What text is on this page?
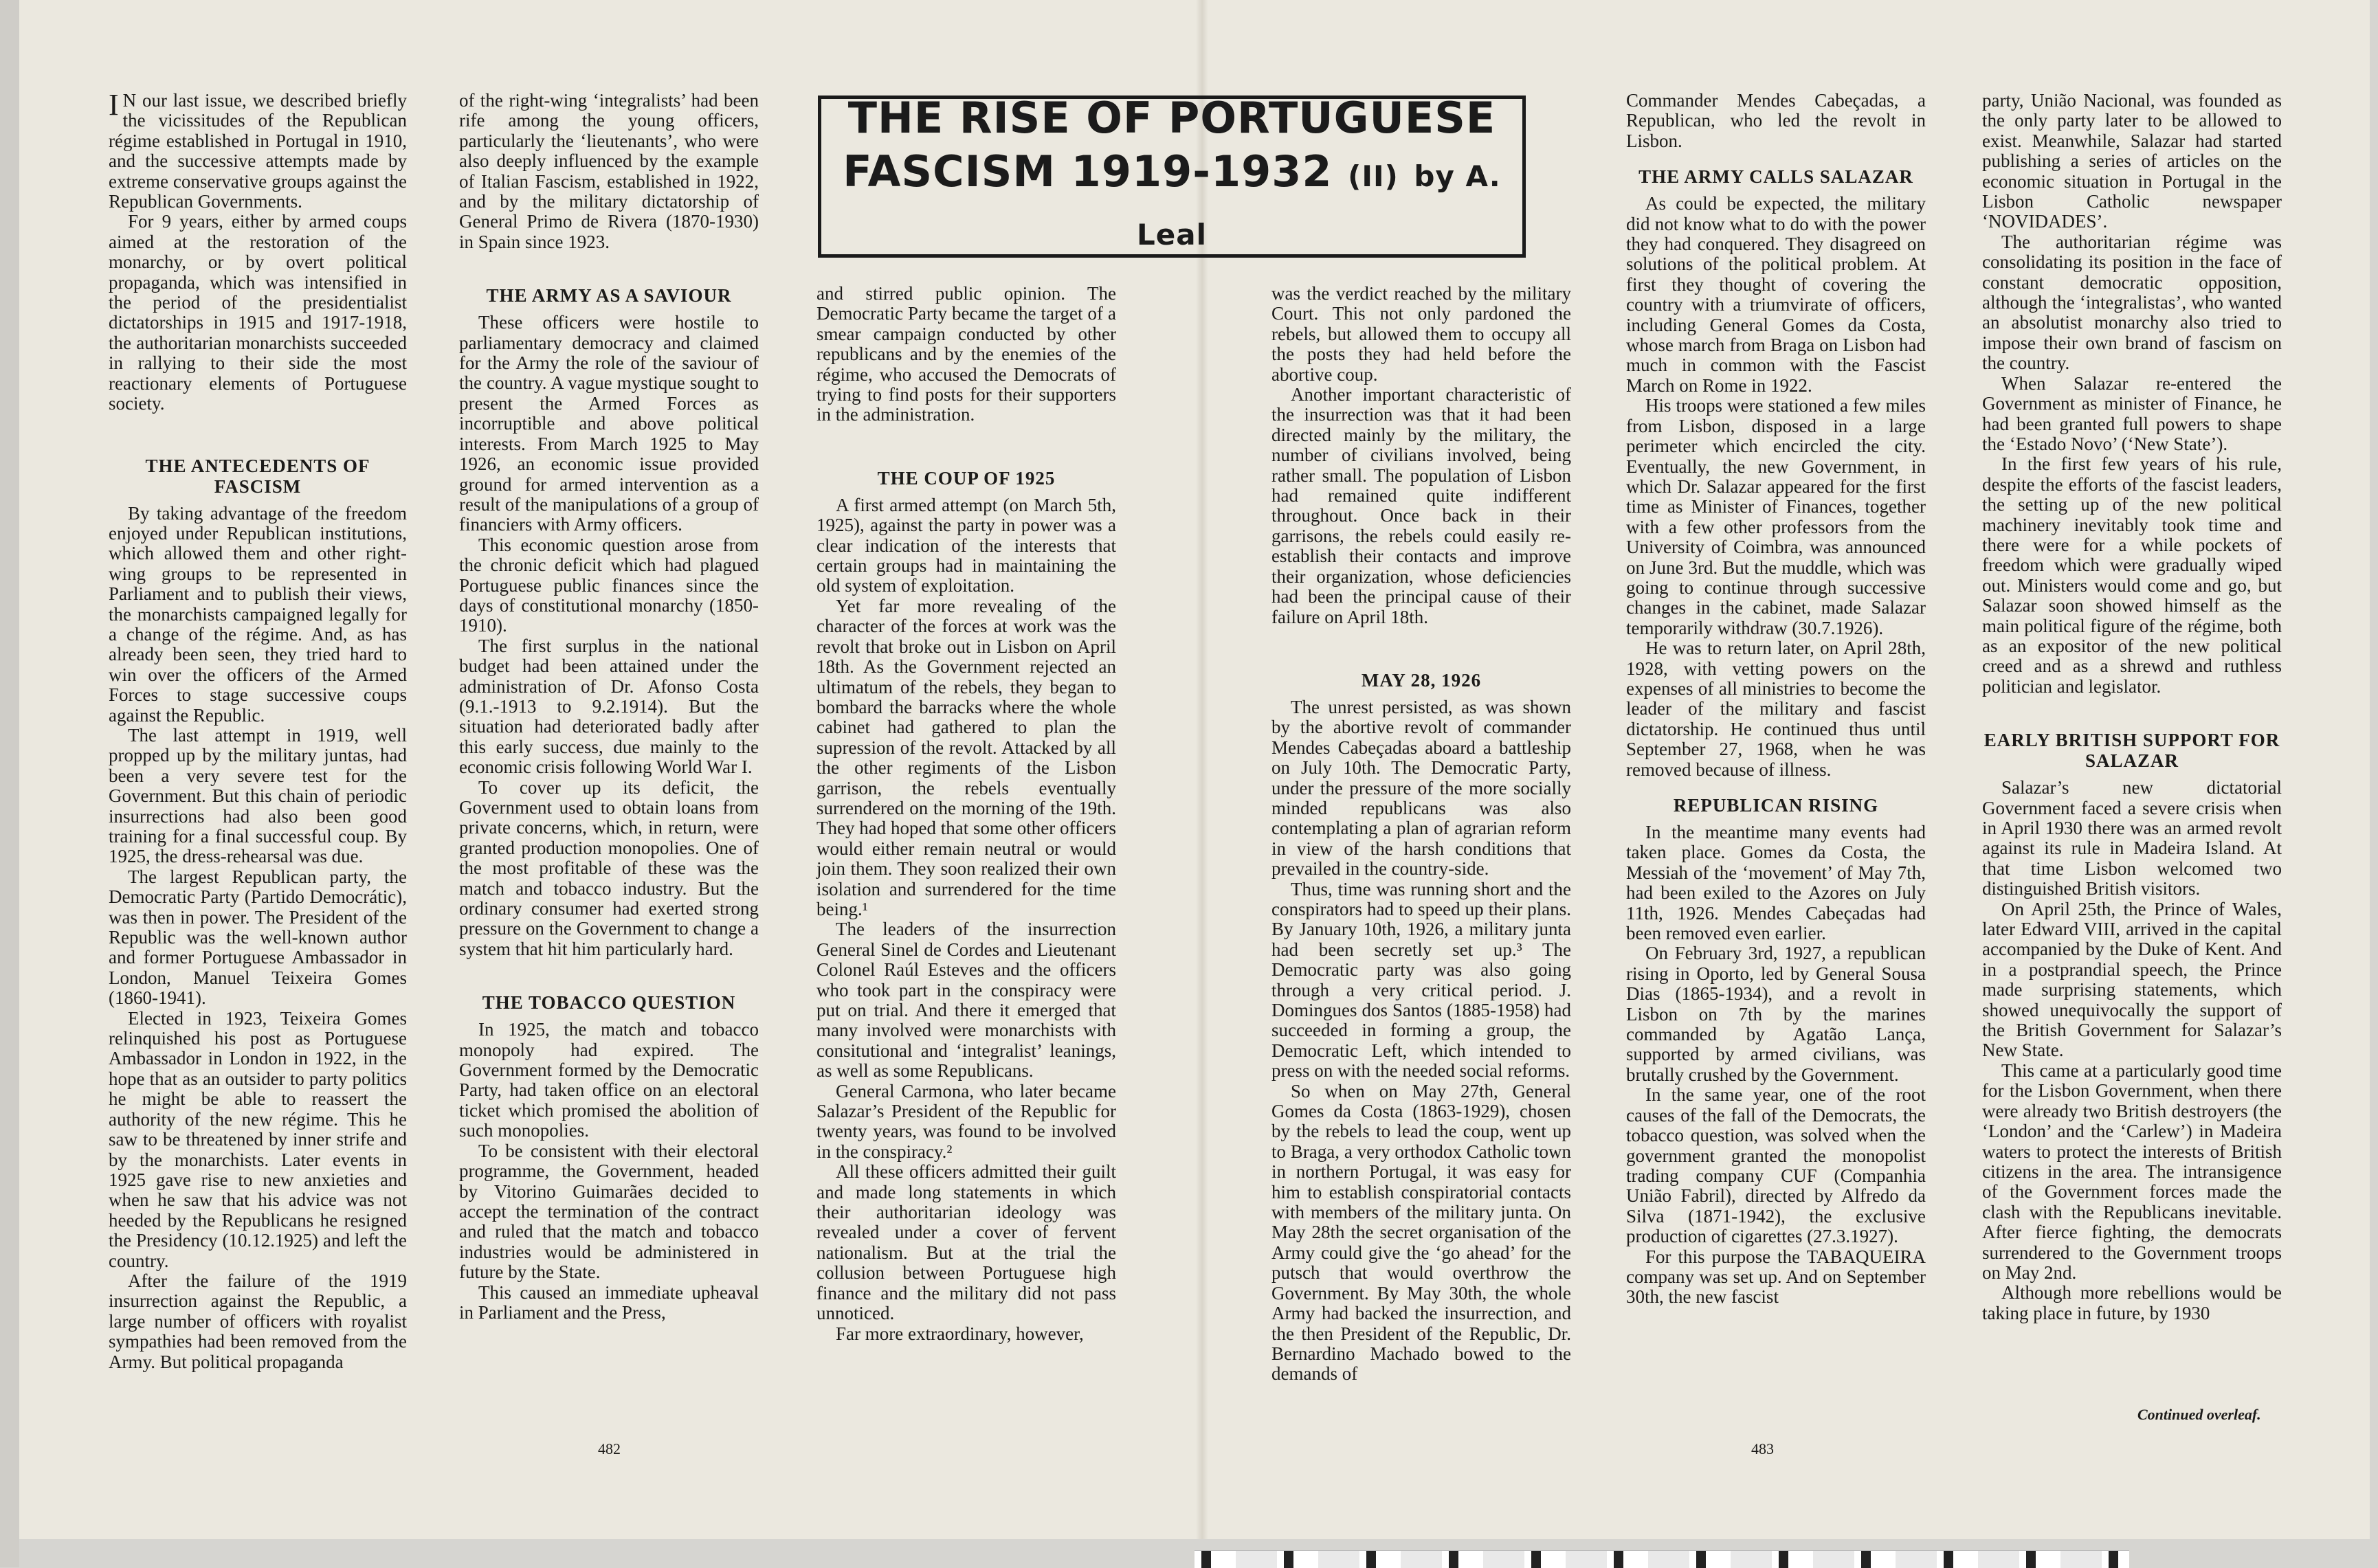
I N our last issue, we described briefly the vicissitudes of the Republican régime established in Portugal in 1910, and the successive attempts made by extreme conservative groups against the Republican Governments.

For 9 years, either by armed coups aimed at the restoration of the monarchy, or by overt political propaganda, which was intensified in the period of the presidentialist dictatorships in 1915 and 1917-1918, the authoritarian monarchists succeeded in rallying to their side the most reactionary elements of Portuguese society.

THE ANTECEDENTS OF FASCISM

By taking advantage of the freedom enjoyed under Republican institutions, which allowed them and other right-wing groups to be represented in Parliament and to publish their views, the monarchists campaigned legally for a change of the régime. And, as has already been seen, they tried hard to win over the officers of the Armed Forces to stage successive coups against the Republic.

The last attempt in 1919, well propped up by the military juntas, had been a very severe test for the Government. But this chain of periodic insurrections had also been good training for a final successful coup. By 1925, the dress-rehearsal was due.

The largest Republican party, the Democratic Party (Partido Democrátic), was then in power. The President of the Republic was the well-known author and former Portuguese Ambassador in London, Manuel Teixeira Gomes (1860-1941).

Elected in 1923, Teixeira Gomes relinquished his post as Portuguese Ambassador in London in 1922, in the hope that as an outsider to party politics he might be able to reassert the authority of the new régime. This he saw to be threatened by inner strife and by the monarchists. Later events in 1925 gave rise to new anxieties and when he saw that his advice was not heeded by the Republicans he resigned the Presidency (10.12.1925) and left the country.

After the failure of the 1919 insurrection against the Republic, a large number of officers with royalist sympathies had been removed from the Army. But political propaganda

of the right-wing ‘integralists’ had been rife among the young officers, particularly the ‘lieutenants’, who were also deeply influenced by the example of Italian Fascism, established in 1922, and by the military dictatorship of General Primo de Rivera (1870-1930) in Spain since 1923.

THE ARMY AS A SAVIOUR

These officers were hostile to parliamentary democracy and claimed for the Army the role of the saviour of the country. A vague mystique sought to present the Armed Forces as incorruptible and above political interests. From March 1925 to May 1926, an economic issue provided ground for armed intervention as a result of the manipulations of a group of financiers with Army officers.

This economic question arose from the chronic deficit which had plagued Portuguese public finances since the days of constitutional monarchy (1850-1910).

The first surplus in the national budget had been attained under the administration of Dr. Afonso Costa (9.1.-1913 to 9.2.1914). But the situation had deteriorated badly after this early success, due mainly to the economic crisis following World War I.

To cover up its deficit, the Government used to obtain loans from private concerns, which, in return, were granted production monopolies. One of the most profitable of these was the match and tobacco industry. But the ordinary consumer had exerted strong pressure on the Government to change a system that hit him particularly hard.

THE TOBACCO QUESTION

In 1925, the match and tobacco monopoly had expired. The Government formed by the Democratic Party, had taken office on an electoral ticket which promised the abolition of such monopolies.

To be consistent with their electoral programme, the Government, headed by Vitorino Guimarães decided to accept the termination of the contract and ruled that the match and tobacco industries would be administered in future by the State.

This caused an immediate upheaval in Parliament and the Press,

THE RISE OF PORTUGUESE
FASCISM 1919-1932 (II) by A. Leal

and stirred public opinion. The Democratic Party became the target of a smear campaign conducted by other republicans and by the enemies of the régime, who accused the Democrats of trying to find posts for their supporters in the administration.

THE COUP OF 1925

A first armed attempt (on March 5th, 1925), against the party in power was a clear indication of the interests that certain groups had in maintaining the old system of exploitation.

Yet far more revealing of the character of the forces at work was the revolt that broke out in Lisbon on April 18th. As the Government rejected an ultimatum of the rebels, they began to bombard the barracks where the whole cabinet had gathered to plan the supression of the revolt. Attacked by all the other regiments of the Lisbon garrison, the rebels eventually surrendered on the morning of the 19th. They had hoped that some other officers would either remain neutral or would join them. They soon realized their own isolation and surrendered for the time being.¹

The leaders of the insurrection General Sinel de Cordes and Lieutenant Colonel Raúl Esteves and the officers who took part in the conspiracy were put on trial. And there it emerged that many involved were monarchists with consitutional and ‘integralist’ leanings, as well as some Republicans.

General Carmona, who later became Salazar’s President of the Republic for twenty years, was found to be involved in the conspiracy.²

All these officers admitted their guilt and made long statements in which their authoritarian ideology was revealed under a cover of fervent nationalism. But at the trial the collusion between Portuguese high finance and the military did not pass unnoticed.

Far more extraordinary, however,

was the verdict reached by the military Court. This not only pardoned the rebels, but allowed them to occupy all the posts they had held before the abortive coup.

Another important characteristic of the insurrection was that it had been directed mainly by the military, the number of civilians involved, being rather small. The population of Lisbon had remained quite indifferent throughout. Once back in their garrisons, the rebels could easily re-establish their contacts and improve their organization, whose deficiencies had been the principal cause of their failure on April 18th.

MAY 28, 1926

The unrest persisted, as was shown by the abortive revolt of commander Mendes Cabeçadas aboard a battleship on July 10th. The Democratic Party, under the pressure of the more socially minded republicans was also contemplating a plan of agrarian reform in view of the harsh conditions that prevailed in the country-side.

Thus, time was running short and the conspirators had to speed up their plans. By January 10th, 1926, a military junta had been secretly set up.³ The Democratic party was also going through a very critical period. J. Domingues dos Santos (1885-1958) had succeeded in forming a group, the Democratic Left, which intended to press on with the needed social reforms.

So when on May 27th, General Gomes da Costa (1863-1929), chosen by the rebels to lead the coup, went up to Braga, a very orthodox Catholic town in northern Portugal, it was easy for him to establish conspiratorial contacts with members of the military junta. On May 28th the secret organisation of the Army could give the ‘go ahead’ for the putsch that would overthrow the Government. By May 30th, the whole Army had backed the insurrection, and the then President of the Republic, Dr. Bernardino Machado bowed to the demands of

Commander Mendes Cabeçadas, a Republican, who led the revolt in Lisbon.

THE ARMY CALLS SALAZAR

As could be expected, the military did not know what to do with the power they had conquered. They disagreed on solutions of the political problem. At first they thought of covering the country with a triumvirate of officers, including General Gomes da Costa, whose march from Braga on Lisbon had much in common with the Fascist March on Rome in 1922.

His troops were stationed a few miles from Lisbon, disposed in a large perimeter which encircled the city. Eventually, the new Government, in which Dr. Salazar appeared for the first time as Minister of Finances, together with a few other professors from the University of Coimbra, was announced on June 3rd. But the muddle, which was going to continue through successive changes in the cabinet, made Salazar temporarily withdraw (30.7.1926).

He was to return later, on April 28th, 1928, with vetting powers on the expenses of all ministries to become the leader of the military and fascist dictatorship. He continued thus until September 27, 1968, when he was removed because of illness.

REPUBLICAN RISING

In the meantime many events had taken place. Gomes da Costa, the Messiah of the ‘movement’ of May 7th, had been exiled to the Azores on July 11th, 1926. Mendes Cabeçadas had been removed even earlier.

On February 3rd, 1927, a republican rising in Oporto, led by General Sousa Dias (1865-1934), and a revolt in Lisbon on 7th by the marines commanded by Agatão Lança, supported by armed civilians, was brutally crushed by the Government.

In the same year, one of the root causes of the fall of the Democrats, the tobacco question, was solved when the government granted the monopolist trading company CUF (Companhia União Fabril), directed by Alfredo da Silva (1871-1942), the exclusive production of cigarettes (27.3.1927).

For this purpose the TABAQUEIRA company was set up. And on September 30th, the new fascist

party, União Nacional, was founded as the only party later to be allowed to exist. Meanwhile, Salazar had started publishing a series of articles on the economic situation in Portugal in the Lisbon Catholic newspaper ‘NOVIDADES’.

The authoritarian régime was consolidating its position in the face of constant democratic opposition, although the ‘integralistas’, who wanted an absolutist monarchy also tried to impose their own brand of fascism on the country.

When Salazar re-entered the Government as minister of Finance, he had been granted full powers to shape the ‘Estado Novo’ (‘New State’).

In the first few years of his rule, despite the efforts of the fascist leaders, the setting up of the new political machinery inevitably took time and there were for a while pockets of freedom which were gradually wiped out. Ministers would come and go, but Salazar soon showed himself as the main political figure of the régime, both as an expositor of the new political creed and as a shrewd and ruthless politician and legislator.

EARLY BRITISH SUPPORT FOR SALAZAR

Salazar’s new dictatorial Government faced a severe crisis when in April 1930 there was an armed revolt against its rule in Madeira Island. At that time Lisbon welcomed two distinguished British visitors.

On April 25th, the Prince of Wales, later Edward VIII, arrived in the capital accompanied by the Duke of Kent. And in a postprandial speech, the Prince made surprising statements, which showed unequivocally the support of the British Government for Salazar’s New State.

This came at a particularly good time for the Lisbon Government, when there were already two British destroyers (the ‘London’ and the ‘Carlew’) in Madeira waters to protect the interests of British citizens in the area. The intransigence of the Government forces made the clash with the Republicans inevitable. After fierce fighting, the democrats surrendered to the Government troops on May 2nd.

Although more rebellions would be taking place in future, by 1930

Continued overleaf.
482	483
